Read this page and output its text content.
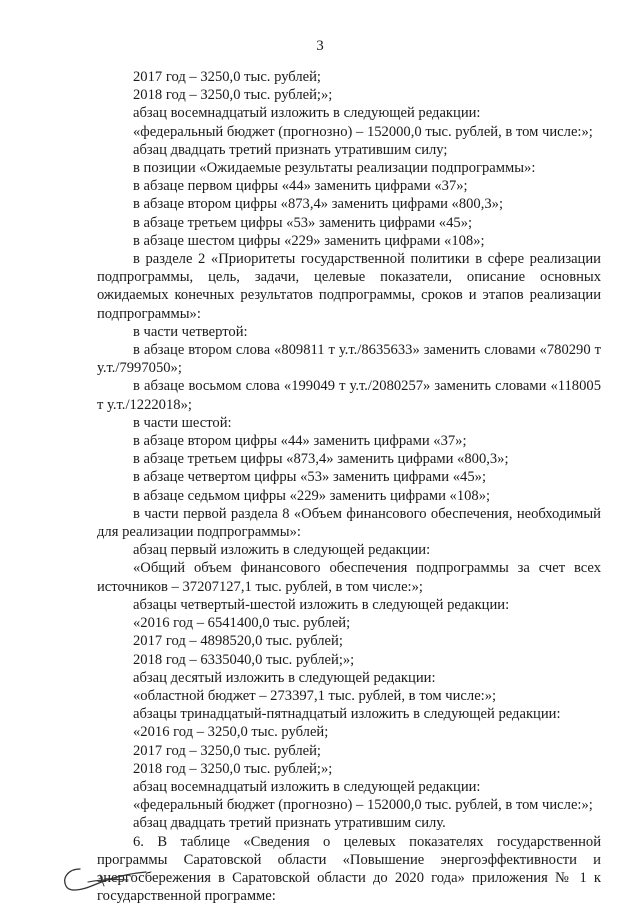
3

2017 год – 3250,0 тыс. рублей;

2018 год – 3250,0 тыс. рублей;»;

абзац восемнадцатый изложить в следующей редакции:

«федеральный бюджет (прогнозно) – 152000,0 тыс. рублей, в том числе:»;

абзац двадцать третий признать утратившим силу;

в позиции «Ожидаемые результаты реализации подпрограммы»:

в абзаце первом цифры «44» заменить цифрами «37»;

в абзаце втором цифры «873,4» заменить цифрами «800,3»;

в абзаце третьем цифры «53» заменить цифрами «45»;

в абзаце шестом цифры «229» заменить цифрами «108»;

в разделе 2 «Приоритеты государственной политики в сфере реализации подпрограммы, цель, задачи, целевые показатели, описание основных ожидаемых конечных результатов подпрограммы, сроков и этапов реализации подпрограммы»:

в части четвертой:

в абзаце втором слова «809811 т у.т./8635633» заменить словами «780290 т у.т./7997050»;

в абзаце восьмом слова «199049 т у.т./2080257» заменить словами «118005 т у.т./1222018»;

в части шестой:

в абзаце втором цифры «44» заменить цифрами «37»;

в абзаце третьем цифры «873,4» заменить цифрами «800,3»;

в абзаце четвертом цифры «53» заменить цифрами «45»;

в абзаце седьмом цифры «229» заменить цифрами «108»;

в части первой раздела 8 «Объем финансового обеспечения, необходимый для реализации подпрограммы»:

абзац первый изложить в следующей редакции:

«Общий объем финансового обеспечения подпрограммы за счет всех источников – 37207127,1 тыс. рублей, в том числе:»;

абзацы четвертый-шестой изложить в следующей редакции:

«2016 год – 6541400,0 тыс. рублей;

2017 год – 4898520,0 тыс. рублей;

2018 год – 6335040,0 тыс. рублей;»;

абзац десятый изложить в следующей редакции:

«областной бюджет – 273397,1 тыс. рублей, в том числе:»;

абзацы тринадцатый-пятнадцатый изложить в следующей редакции:

«2016 год – 3250,0 тыс. рублей;

2017 год – 3250,0 тыс. рублей;

2018 год – 3250,0 тыс. рублей;»;

абзац восемнадцатый изложить в следующей редакции:

«федеральный бюджет (прогнозно) – 152000,0 тыс. рублей, в том числе:»;

абзац двадцать третий признать утратившим силу.

6. В таблице «Сведения о целевых показателях государственной программы Саратовской области «Повышение энергоэффективности и энергосбережения в Саратовской области до 2020 года» приложения № 1 к государственной программе:
